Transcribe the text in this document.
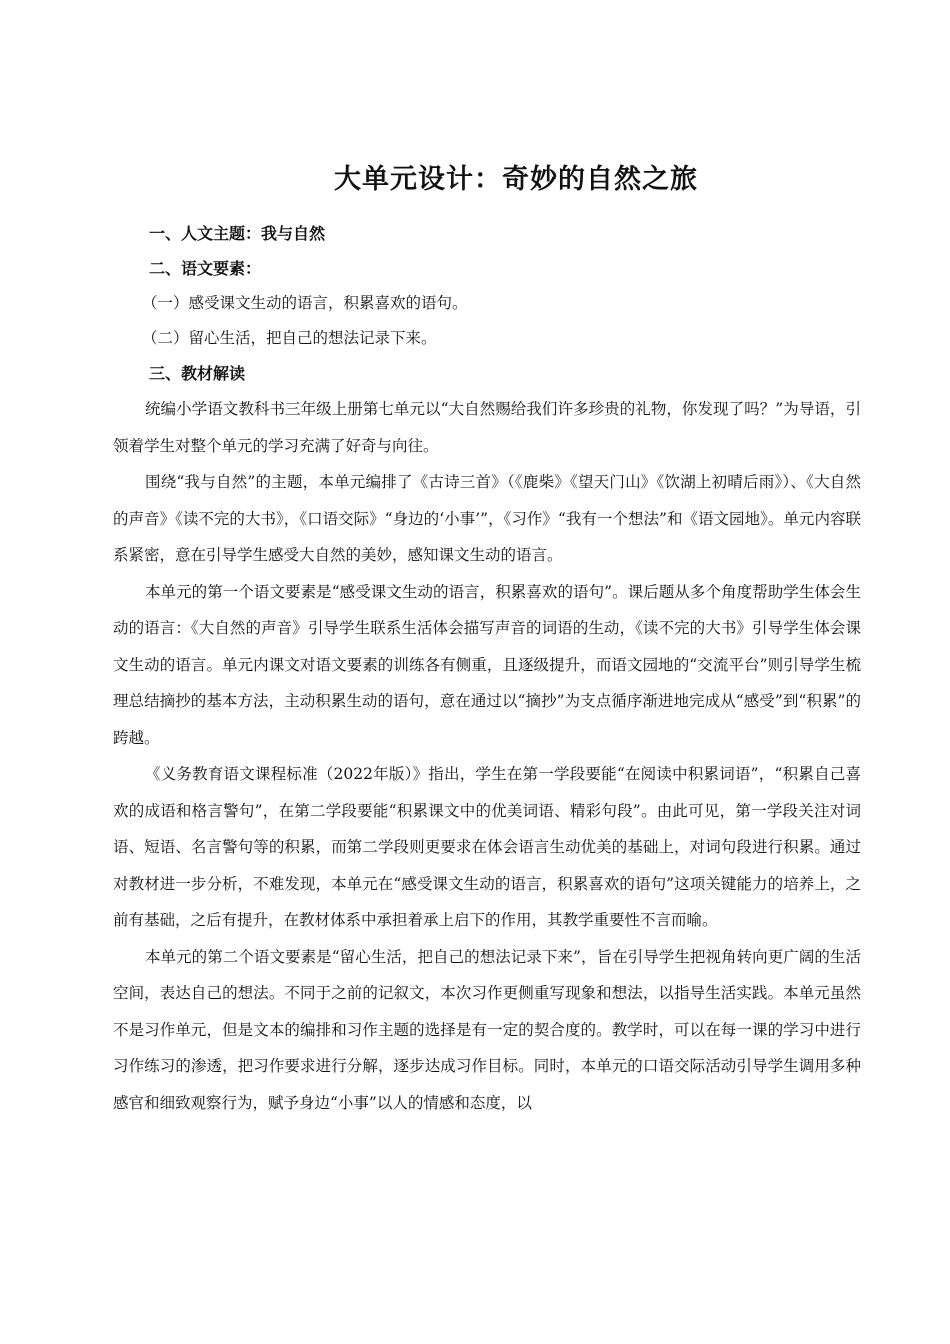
大单元设计：奇妙的自然之旅

一、人文主题：我与自然

二、语文要素：

（一）感受课文生动的语言，积累喜欢的语句。

（二）留心生活，把自己的想法记录下来。

三、教材解读

统编小学语文教科书三年级上册第七单元以“大自然赐给我们许多珍贵的礼物，你发现了吗？”为导语，引领着学生对整个单元的学习充满了好奇与向往。

围绕“我与自然”的主题，本单元编排了《古诗三首》（《鹿柴》《望天门山》《饮湖上初晴后雨》）、《大自然的声音》《读不完的大书》，《口语交际》“身边的‘小事’”，《习作》“我有一个想法”和《语文园地》。单元内容联系紧密，意在引导学生感受大自然的美妙，感知课文生动的语言。

本单元的第一个语文要素是“感受课文生动的语言，积累喜欢的语句”。课后题从多个角度帮助学生体会生动的语言：《大自然的声音》引导学生联系生活体会描写声音的词语的生动，《读不完的大书》引导学生体会课文生动的语言。单元内课文对语文要素的训练各有侧重，且逐级提升，而语文园地的“交流平台”则引导学生梳理总结摘抄的基本方法，主动积累生动的语句，意在通过以“摘抄”为支点循序渐进地完成从“感受”到“积累”的跨越。

《义务教育语文课程标准（2022年版）》指出，学生在第一学段要能“在阅读中积累词语”，“积累自己喜欢的成语和格言警句”，在第二学段要能“积累课文中的优美词语、精彩句段”。由此可见，第一学段关注对词语、短语、名言警句等的积累，而第二学段则更要求在体会语言生动优美的基础上，对词句段进行积累。通过对教材进一步分析，不难发现，本单元在“感受课文生动的语言，积累喜欢的语句”这项关键能力的培养上，之前有基础，之后有提升，在教材体系中承担着承上启下的作用，其教学重要性不言而喻。

本单元的第二个语文要素是“留心生活，把自己的想法记录下来”，旨在引导学生把视角转向更广阔的生活空间，表达自己的想法。不同于之前的记叙文，本次习作更侧重写现象和想法，以指导生活实践。本单元虽然不是习作单元，但是文本的编排和习作主题的选择是有一定的契合度的。教学时，可以在每一课的学习中进行习作练习的渗透，把习作要求进行分解，逐步达成习作目标。同时，本单元的口语交际活动引导学生调用多种感官和细致观察行为，赋予身边“小事”以人的情感和态度，以
